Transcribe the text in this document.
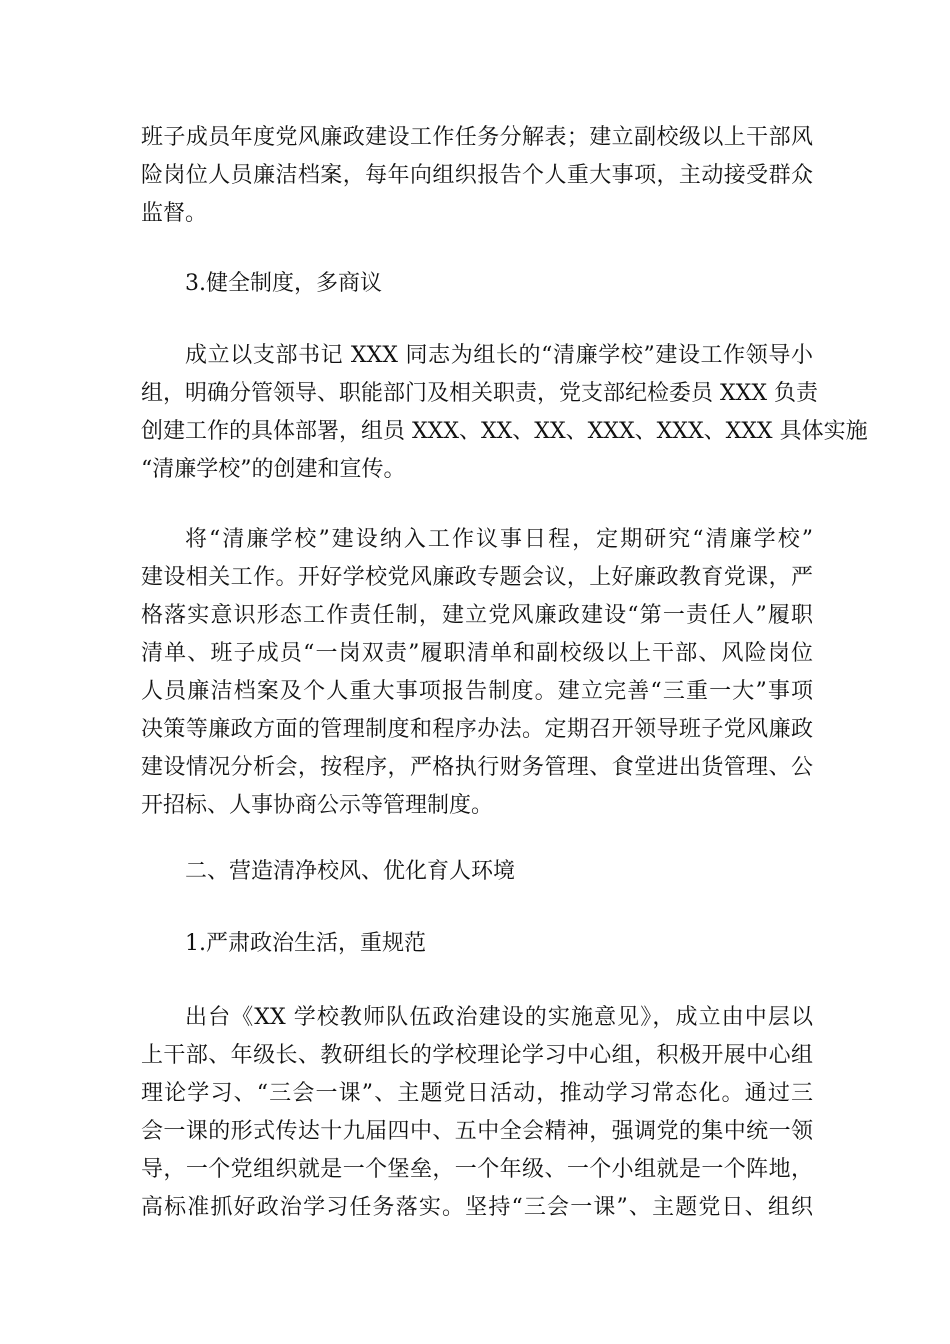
班子成员年度党风廉政建设工作任务分解表；建立副校级以上干部风
险岗位人员廉洁档案，每年向组织报告个人重大事项，主动接受群众
监督。

3.健全制度，多商议

成立以支部书记 XXX 同志为组长的“清廉学校”建设工作领导小
组，明确分管领导、职能部门及相关职责，党支部纪检委员 XXX 负责
创建工作的具体部署，组员 XXX、XX、XX、XXX、XXX、XXX 具体实施
“清廉学校”的创建和宣传。

将“清廉学校”建设纳入工作议事日程，定期研究“清廉学校”
建设相关工作。开好学校党风廉政专题会议，上好廉政教育党课，严
格落实意识形态工作责任制，建立党风廉政建设“第一责任人”履职
清单、班子成员“一岗双责”履职清单和副校级以上干部、风险岗位
人员廉洁档案及个人重大事项报告制度。建立完善“三重一大”事项
决策等廉政方面的管理制度和程序办法。定期召开领导班子党风廉政
建设情况分析会，按程序，严格执行财务管理、食堂进出货管理、公
开招标、人事协商公示等管理制度。

二、营造清净校风、优化育人环境

1.严肃政治生活，重规范

出台《XX 学校教师队伍政治建设的实施意见》，成立由中层以
上干部、年级长、教研组长的学校理论学习中心组，积极开展中心组
理论学习、“三会一课”、主题党日活动，推动学习常态化。通过三
会一课的形式传达十九届四中、五中全会精神，强调党的集中统一领
导，一个党组织就是一个堡垒，一个年级、一个小组就是一个阵地，
高标准抓好政治学习任务落实。坚持“三会一课”、主题党日、组织
